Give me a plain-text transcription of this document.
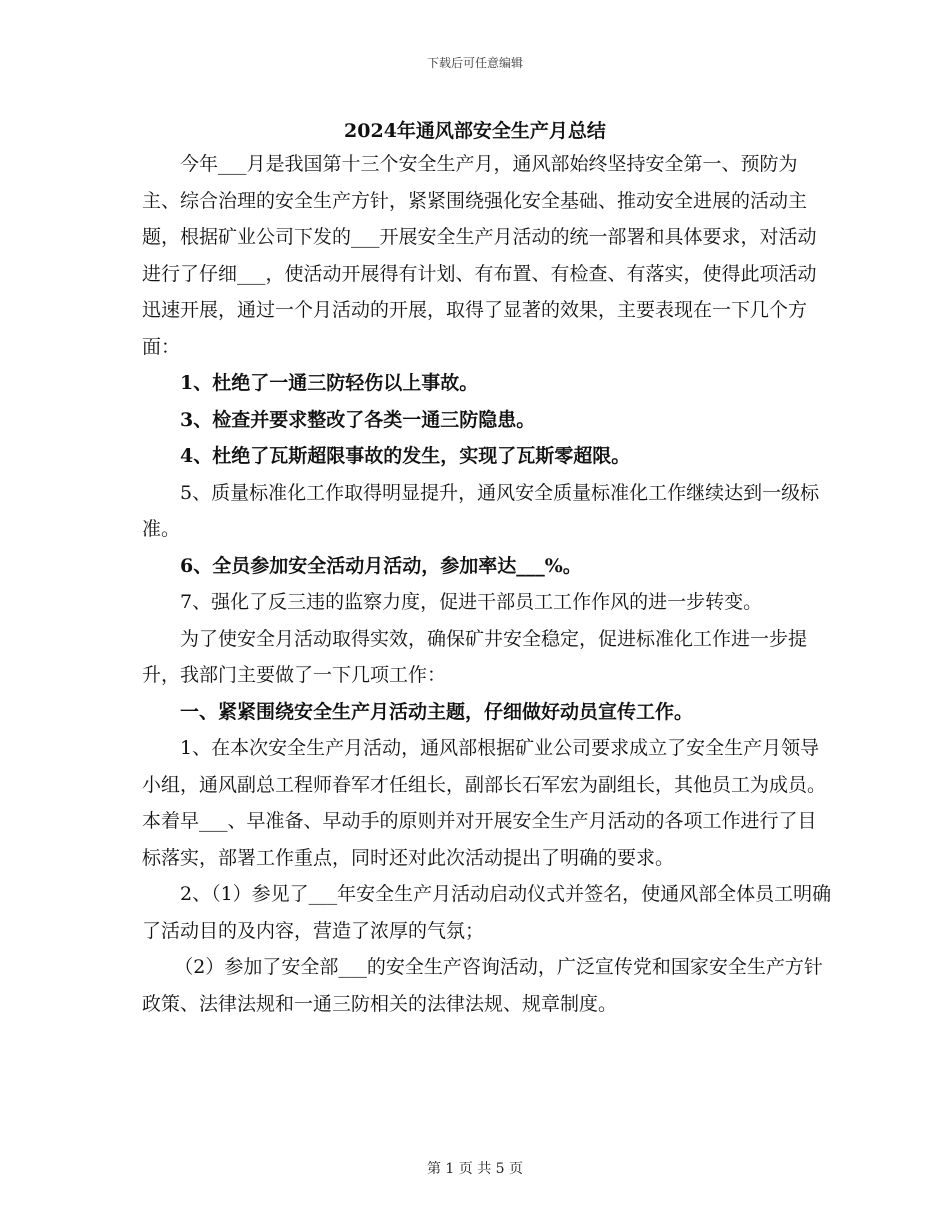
下载后可任意编辑
2024年通风部安全生产月总结

今年___月是我国第十三个安全生产月，通风部始终坚持安全第一、预防为主、综合治理的安全生产方针，紧紧围绕强化安全基础、推动安全进展的活动主题，根据矿业公司下发的___开展安全生产月活动的统一部署和具体要求，对活动进行了仔细___，使活动开展得有计划、有布置、有检查、有落实，使得此项活动迅速开展，通过一个月活动的开展，取得了显著的效果，主要表现在一下几个方面：

1、杜绝了一通三防轻伤以上事故。

3、检查并要求整改了各类一通三防隐患。

4、杜绝了瓦斯超限事故的发生，实现了瓦斯零超限。

5、质量标准化工作取得明显提升，通风安全质量标准化工作继续达到一级标准。

6、全员参加安全活动月活动，参加率达___%。

7、强化了反三违的监察力度，促进干部员工工作作风的进一步转变。

为了使安全月活动取得实效，确保矿井安全稳定，促进标准化工作进一步提升，我部门主要做了一下几项工作：

一、紧紧围绕安全生产月活动主题，仔细做好动员宣传工作。

1、在本次安全生产月活动，通风部根据矿业公司要求成立了安全生产月领导小组，通风副总工程师眷军才任组长，副部长石军宏为副组长，其他员工为成员。本着早___、早准备、早动手的原则并对开展安全生产月活动的各项工作进行了目标落实，部署工作重点，同时还对此次活动提出了明确的要求。

2、（1）参见了___年安全生产月活动启动仪式并签名，使通风部全体员工明确了活动目的及内容，营造了浓厚的气氛；

（2）参加了安全部___的安全生产咨询活动，广泛宣传党和国家安全生产方针政策、法律法规和一通三防相关的法律法规、规章制度。

第 1 页 共 5 页
